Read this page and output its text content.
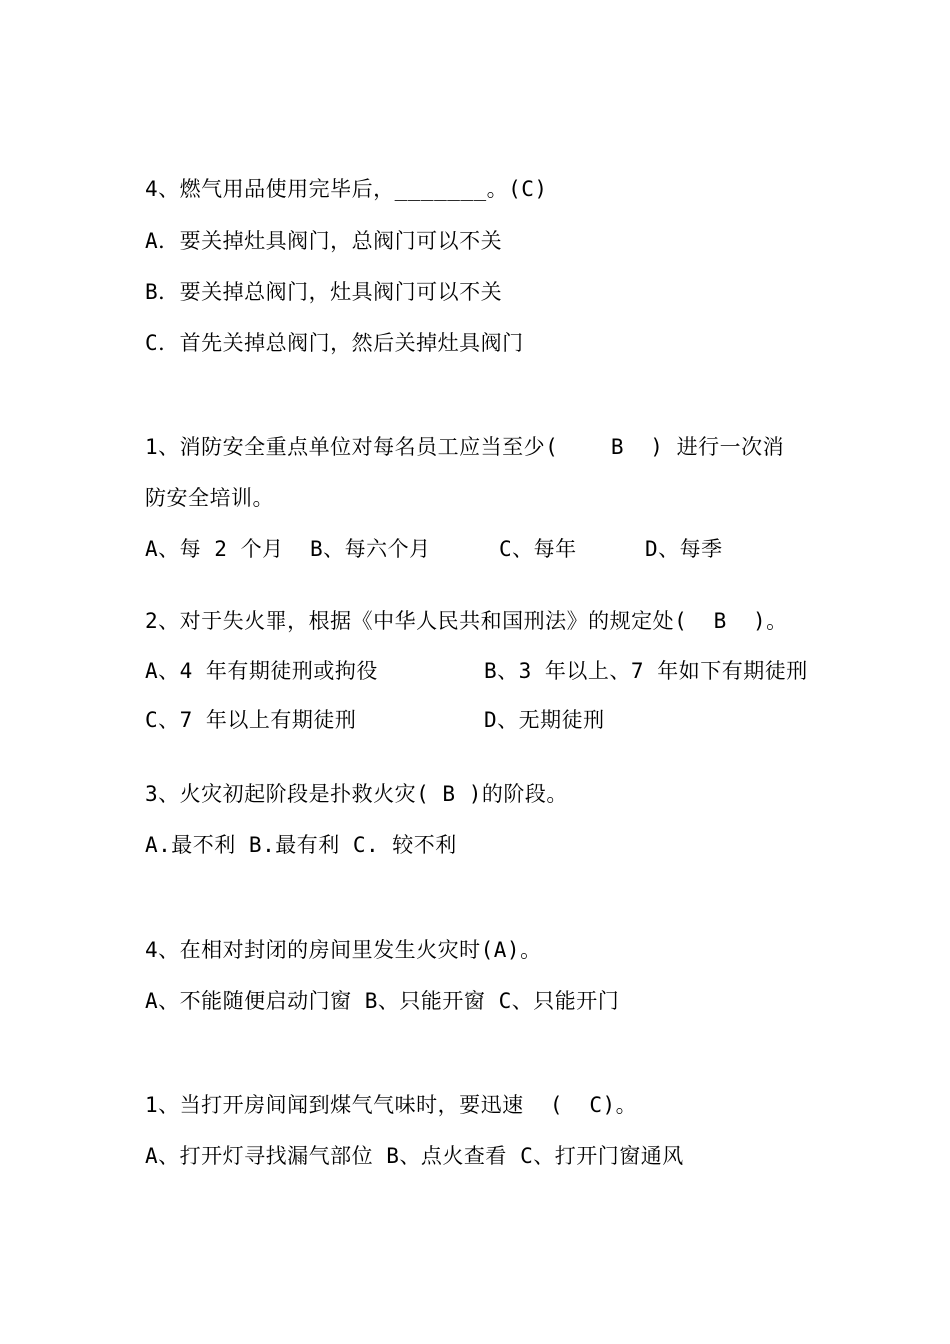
4、燃气用品使用完毕后，_______。(C)
A．要关掉灶具阀门，总阀门可以不关
B．要关掉总阀门，灶具阀门可以不关
C．首先关掉总阀门，然后关掉灶具阀门
1、消防安全重点单位对每名员工应当至少(    B  ) 进行一次消
防安全培训。
A、每 2 个月 B、每六个月	C、每年	D、每季
2、对于失火罪，根据《中华人民共和国刑法》的规定处(  B  )。
A、4 年有期徒刑或拘役	B、3 年以上、7 年如下有期徒刑
C、7 年以上有期徒刑	D、无期徒刑
3、火灾初起阶段是扑救火灾( B )的阶段。
A.最不利 B.最有利 C. 较不利
4、在相对封闭的房间里发生火灾时(A)。
A、不能随便启动门窗 B、只能开窗 C、只能开门
1、当打开房间闻到煤气气味时，要迅速  (  C)。
A、打开灯寻找漏气部位 B、点火查看 C、打开门窗通风
